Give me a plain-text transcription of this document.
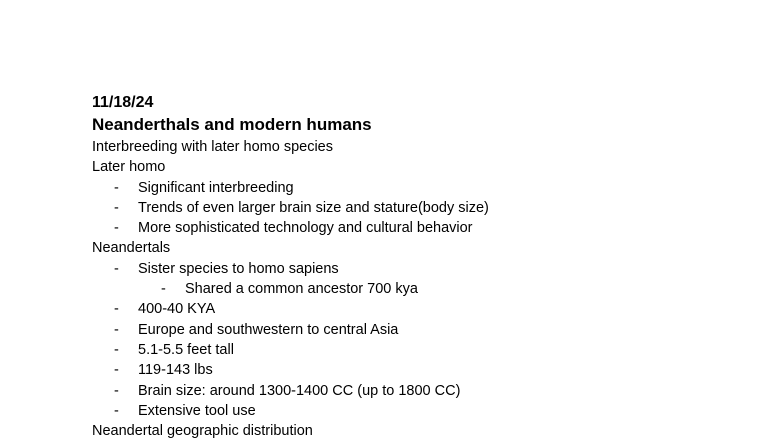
11/18/24
Neanderthals and modern humans
Interbreeding with later homo species
Later homo
- Significant interbreeding
- Trends of even larger brain size and stature(body size)
- More sophisticated technology and cultural behavior
Neandertals
- Sister species to homo sapiens
- Shared a common ancestor 700 kya
- 400-40 KYA
- Europe and southwestern to central Asia
- 5.1-5.5 feet tall
- 119-143 lbs
- Brain size: around 1300-1400 CC (up to 1800 CC)
- Extensive tool use
Neandertal geographic distribution
